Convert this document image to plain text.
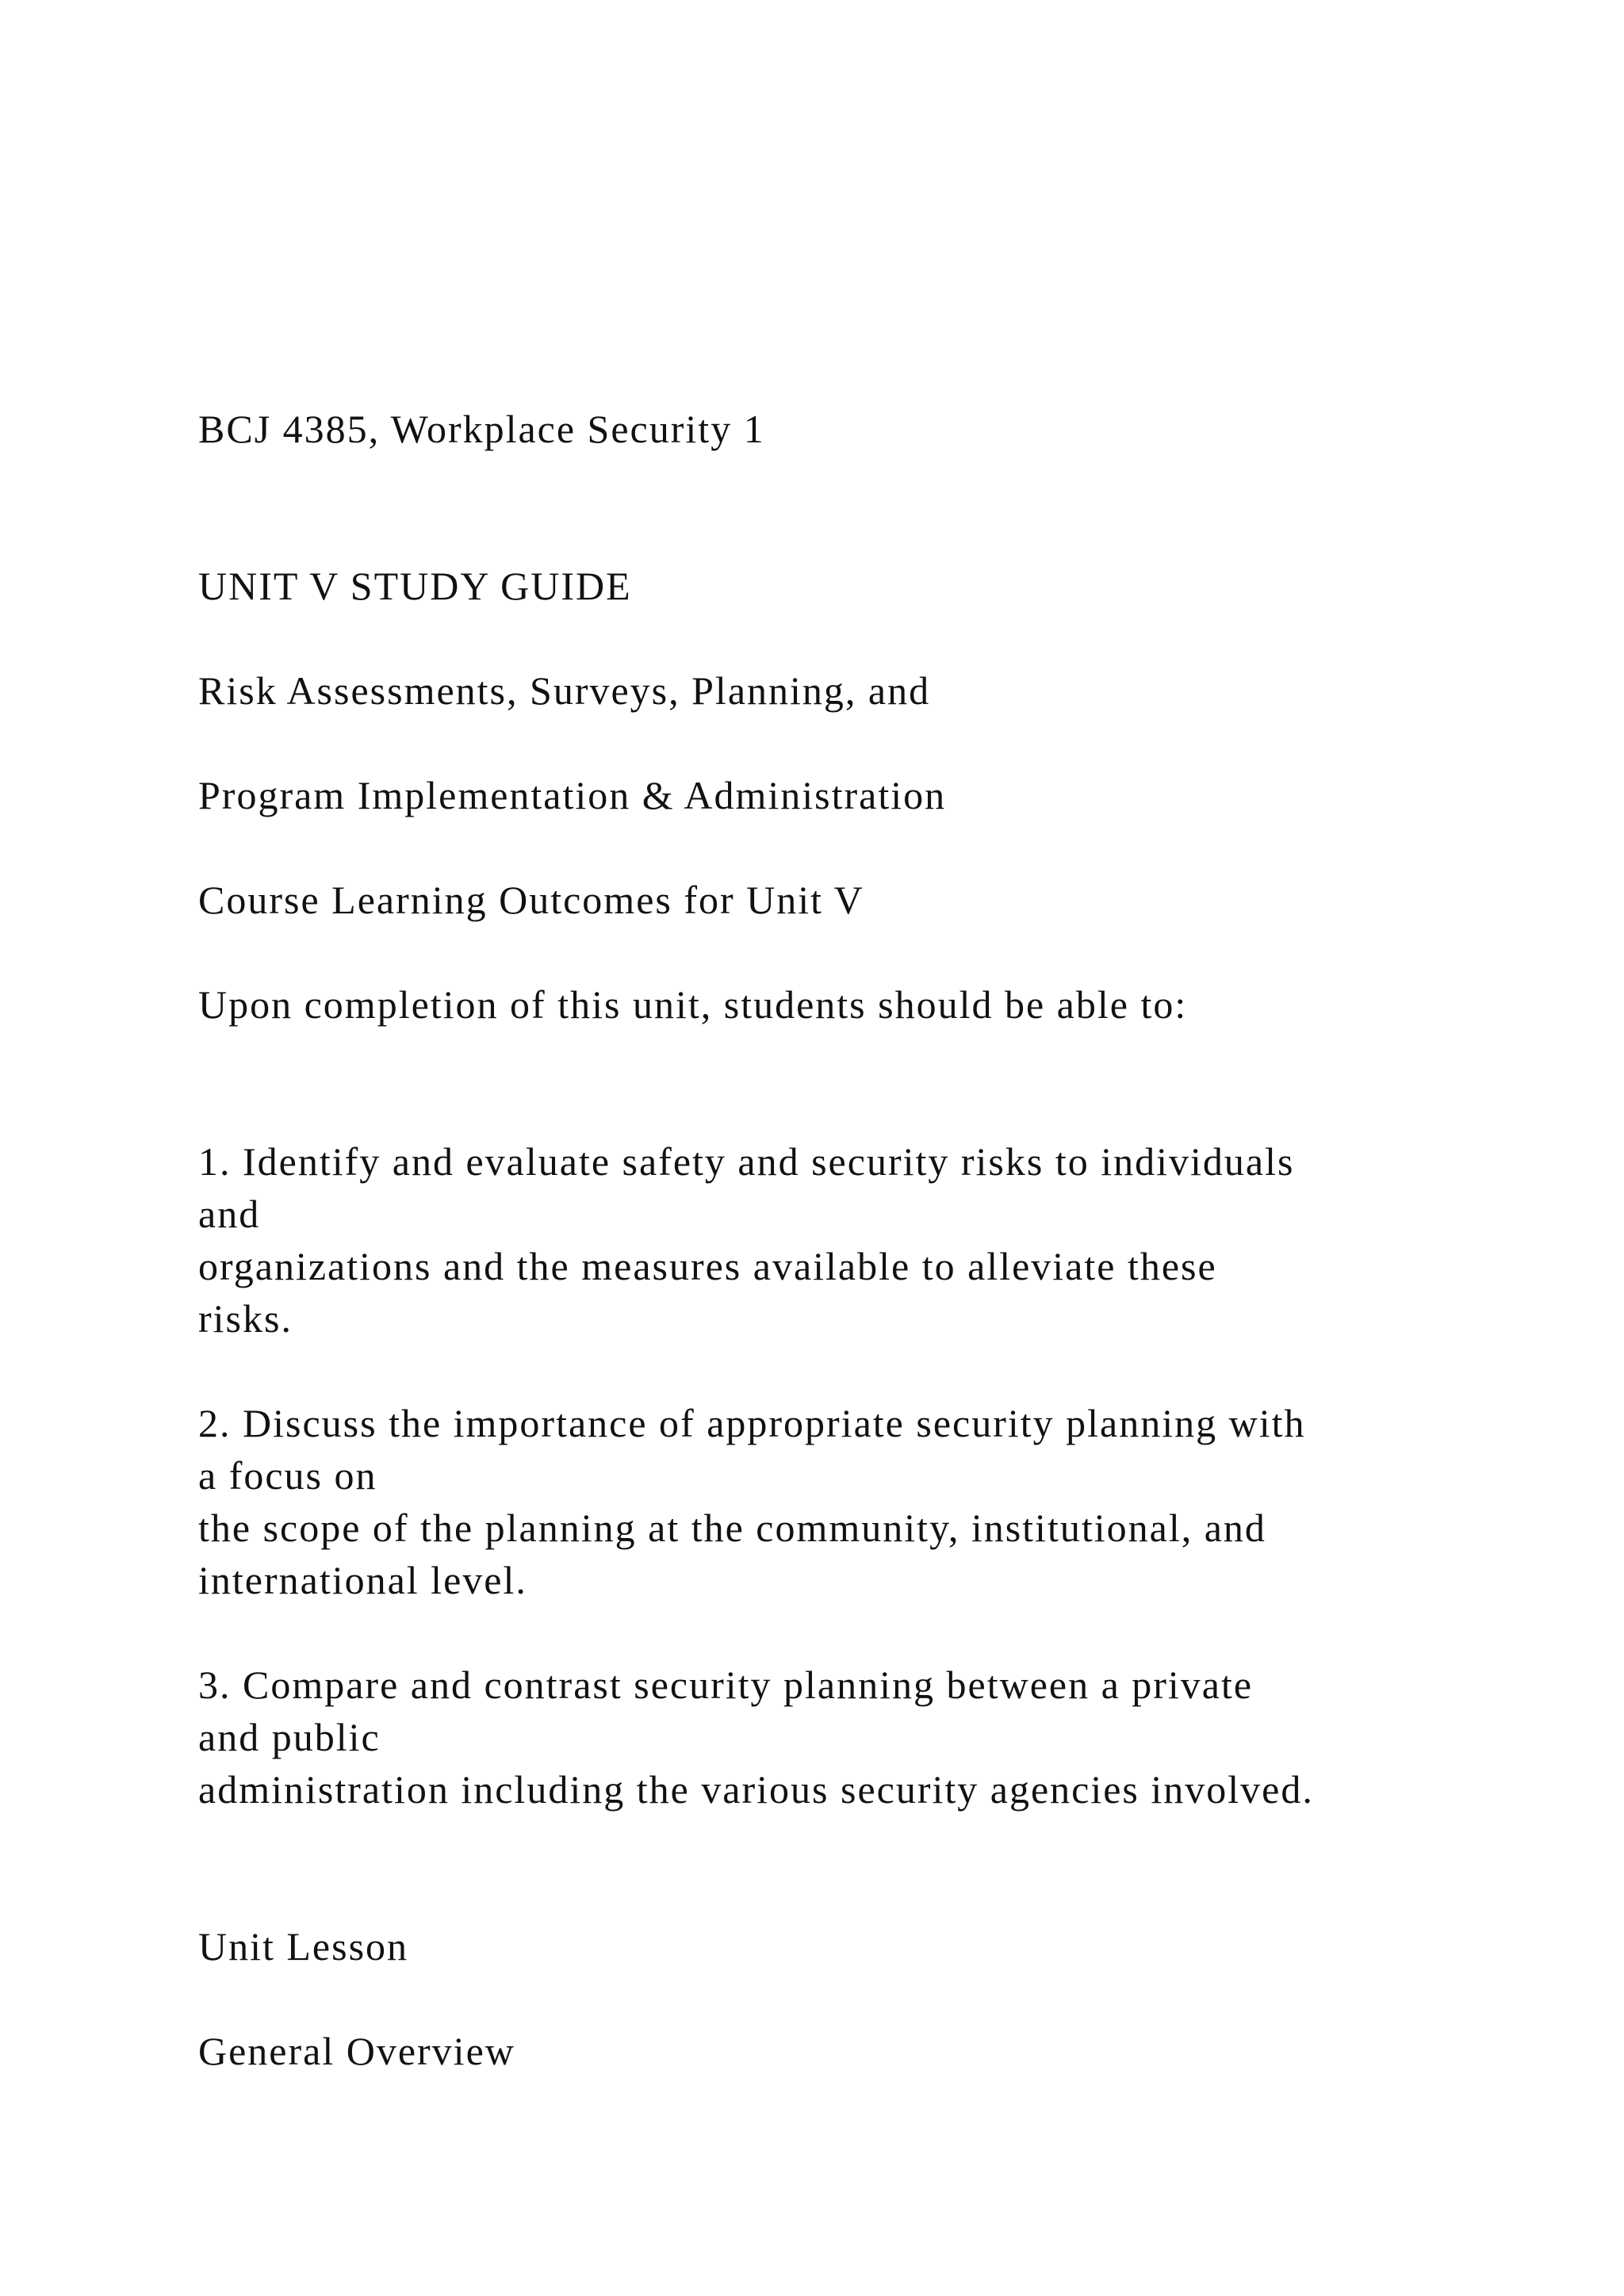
BCJ 4385, Workplace Security 1
UNIT V STUDY GUIDE
Risk Assessments, Surveys, Planning, and
Program Implementation & Administration
Course Learning Outcomes for Unit V
Upon completion of this unit, students should be able to:
1. Identify and evaluate safety and security risks to individuals
and
organizations and the measures available to alleviate these
risks.
2. Discuss the importance of appropriate security planning with
a focus on
the scope of the planning at the community, institutional, and
international level.
3. Compare and contrast security planning between a private
and public
administration including the various security agencies involved.
Unit Lesson
General Overview
